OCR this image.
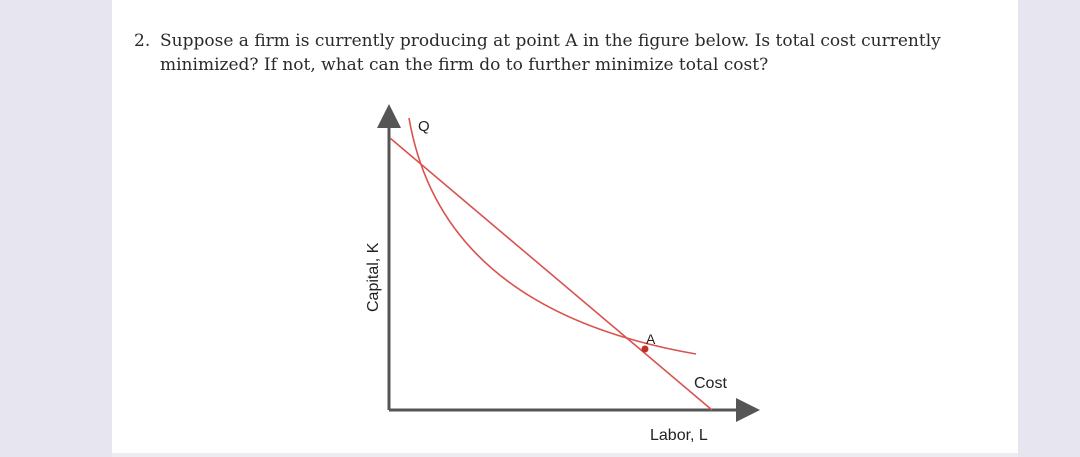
2. Suppose a firm is currently producing at point A in the figure below. Is total cost currently
minimized? If not, what can the firm do to further minimize total cost?
Q
A
Cost
Labor, L
Capital, K
